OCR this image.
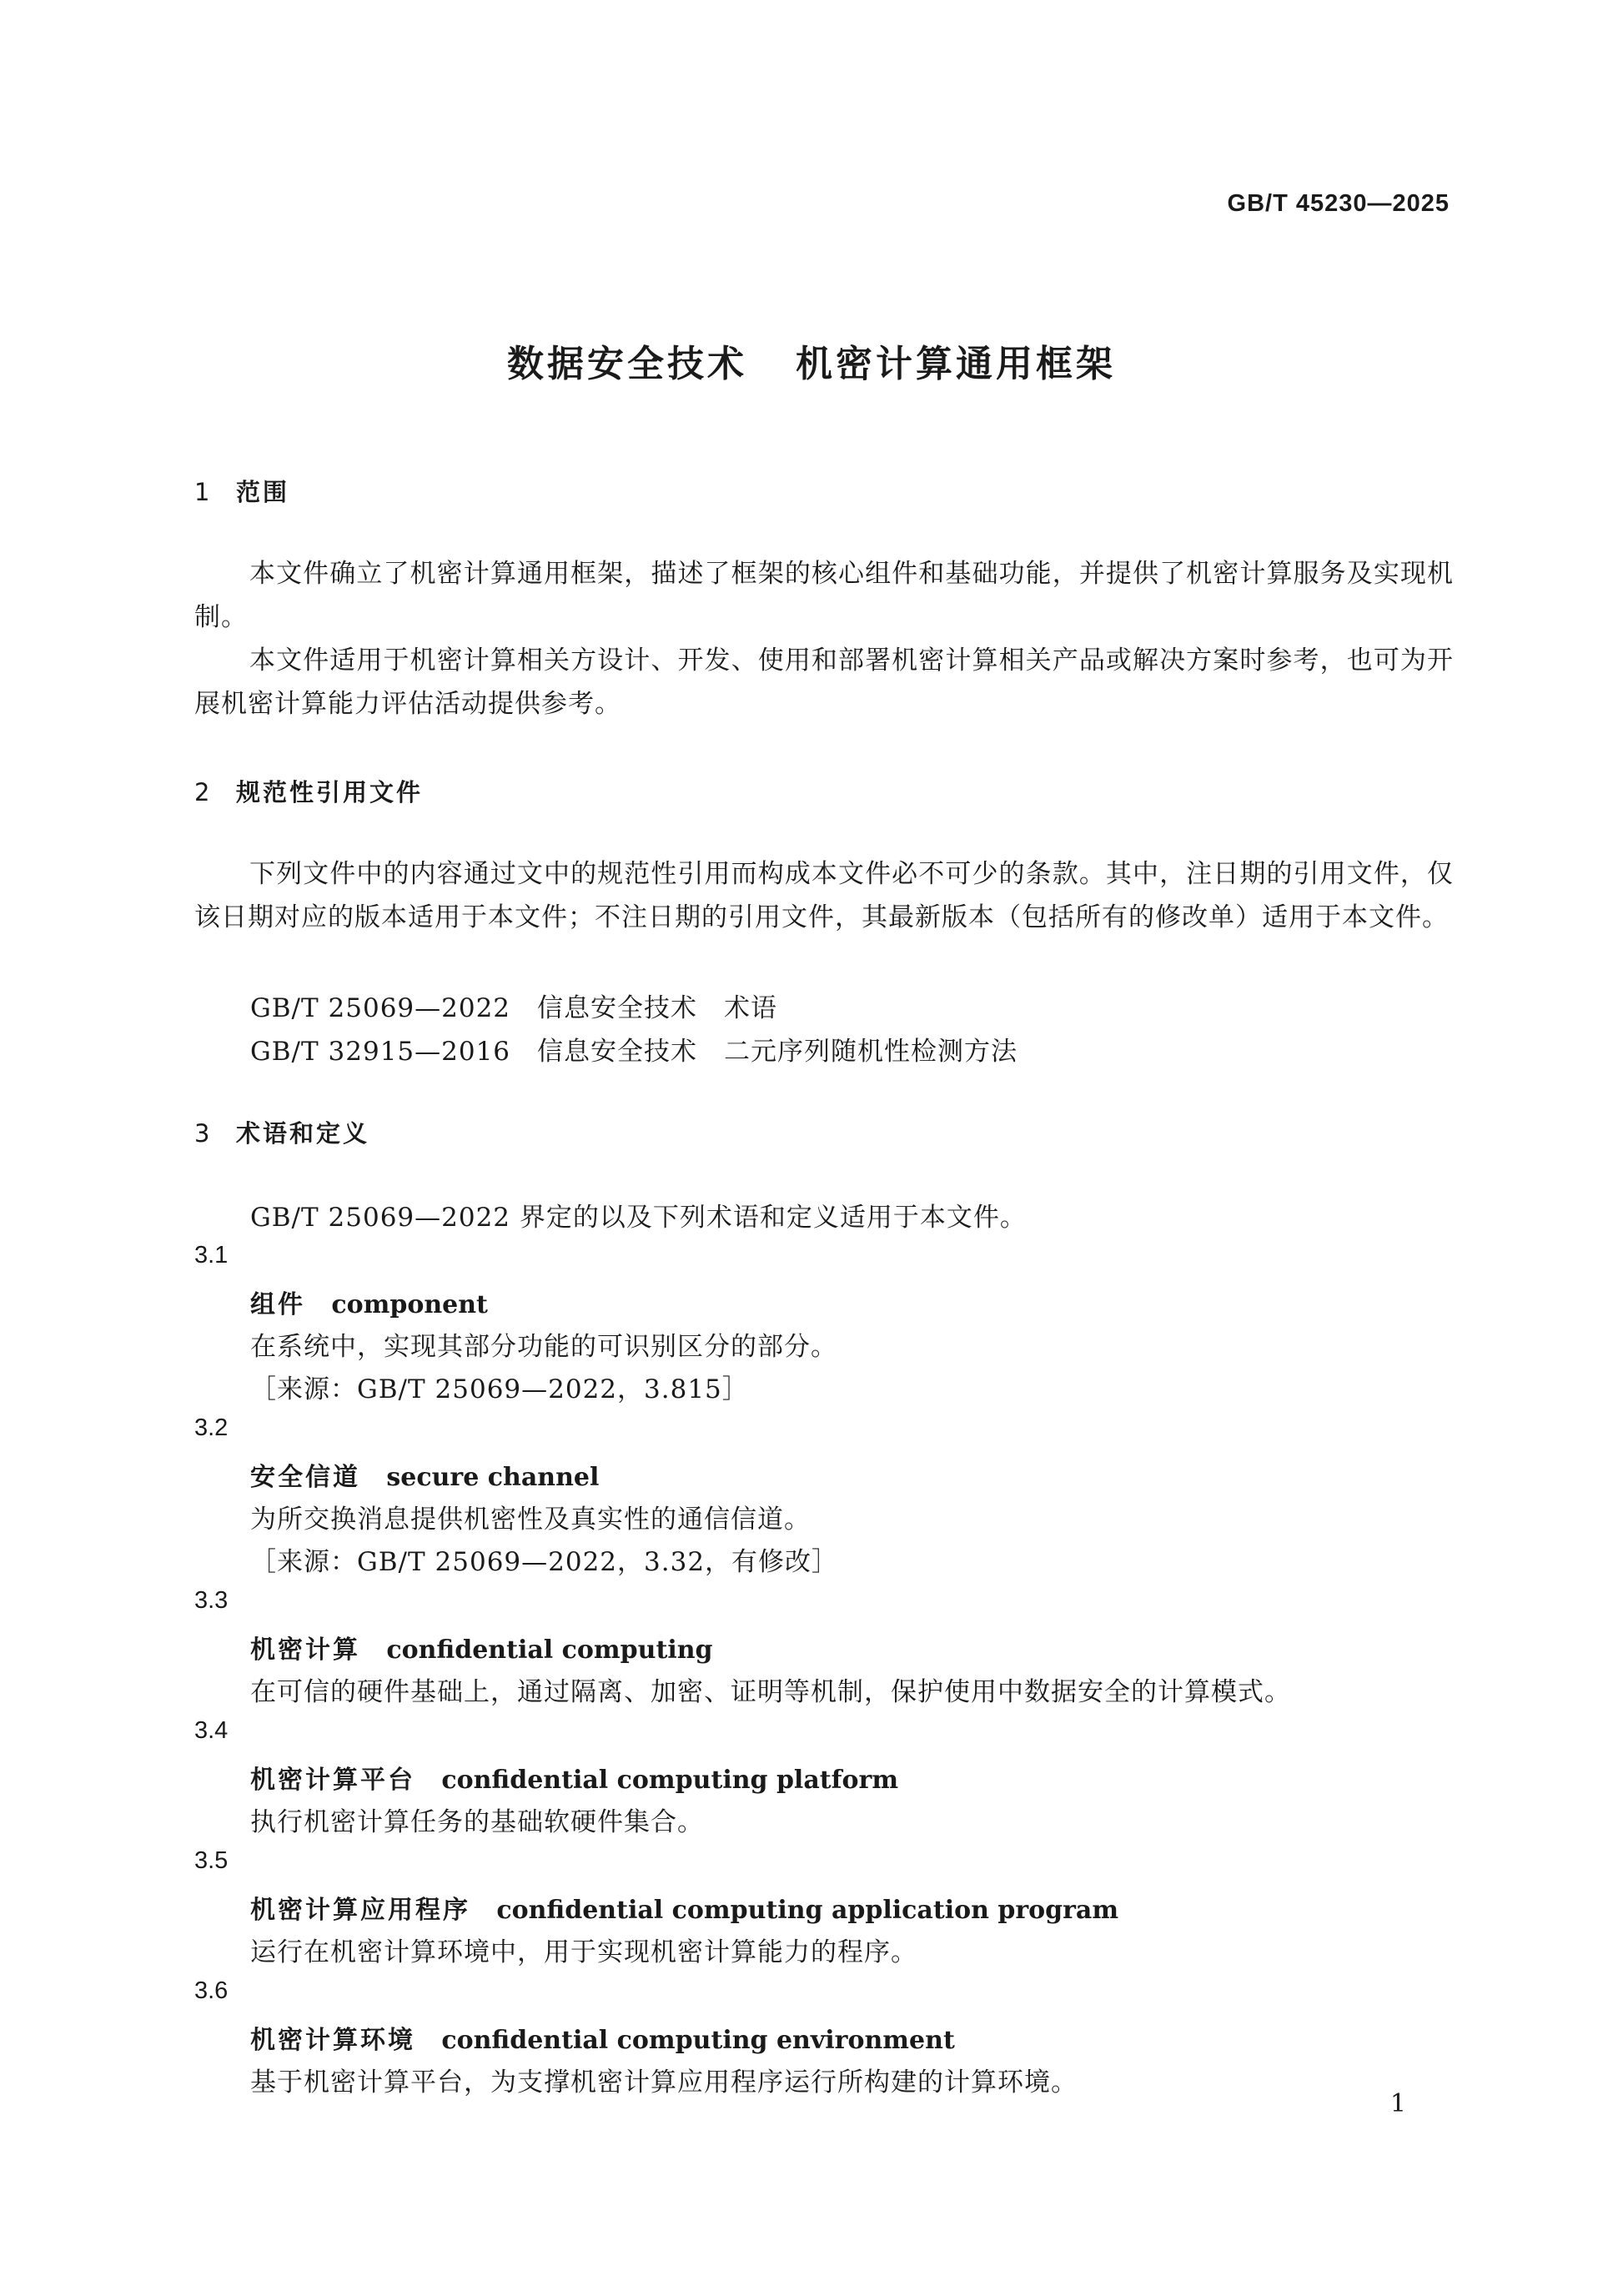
GB/T 45230—2025
数据安全技术 机密计算通用框架
1 范围
本文件确立了机密计算通用框架，描述了框架的核心组件和基础功能，并提供了机密计算服务及实现机制。
本文件适用于机密计算相关方设计、开发、使用和部署机密计算相关产品或解决方案时参考，也可为开展机密计算能力评估活动提供参考。
2 规范性引用文件
下列文件中的内容通过文中的规范性引用而构成本文件必不可少的条款。其中，注日期的引用文件，仅该日期对应的版本适用于本文件；不注日期的引用文件，其最新版本（包括所有的修改单）适用于本文件。
GB/T 25069—2022　信息安全技术　术语
GB/T 32915—2016　信息安全技术　二元序列随机性检测方法
3 术语和定义
GB/T 25069—2022 界定的以及下列术语和定义适用于本文件。
3.1
组件 component
在系统中，实现其部分功能的可识别区分的部分。
［来源：GB/T 25069—2022，3.815］
3.2
安全信道 secure channel
为所交换消息提供机密性及真实性的通信信道。
［来源：GB/T 25069—2022，3.32，有修改］
3.3
机密计算 confidential computing
在可信的硬件基础上，通过隔离、加密、证明等机制，保护使用中数据安全的计算模式。
3.4
机密计算平台 confidential computing platform
执行机密计算任务的基础软硬件集合。
3.5
机密计算应用程序 confidential computing application program
运行在机密计算环境中，用于实现机密计算能力的程序。
3.6
机密计算环境 confidential computing environment
基于机密计算平台，为支撑机密计算应用程序运行所构建的计算环境。
1
